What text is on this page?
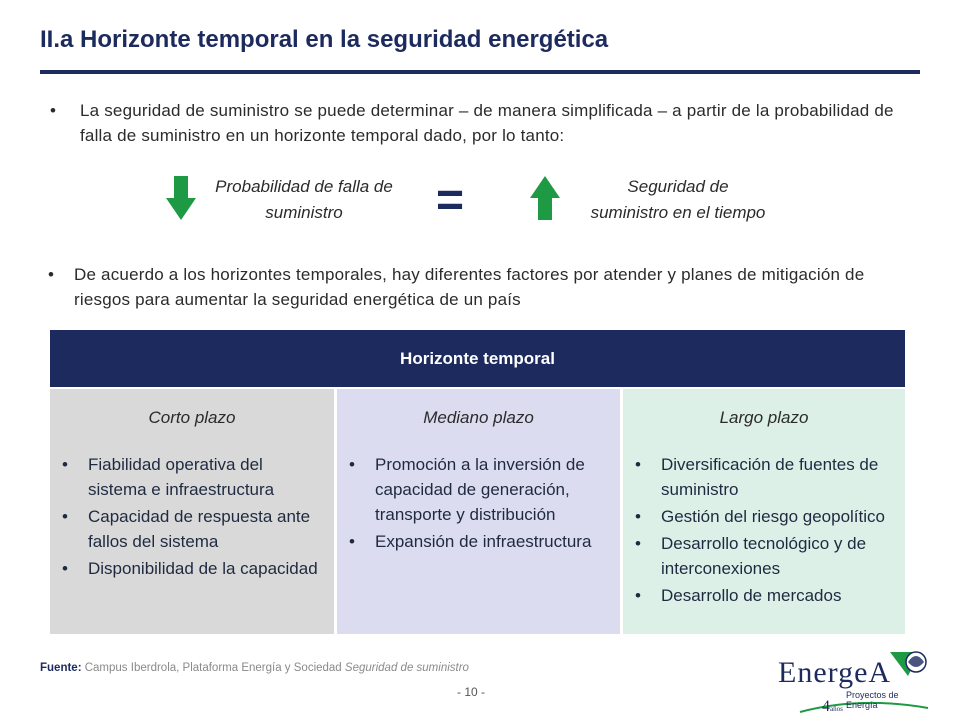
II.a Horizonte temporal en la seguridad energética
• La seguridad de suministro se puede determinar – de manera simplificada – a partir de la probabilidad de falla de suministro en un horizonte temporal dado, por lo tanto:
Probabilidad de falla de suministro	=	Seguridad de suministro en el tiempo
• De acuerdo a los horizontes temporales, hay diferentes factores por atender y planes de mitigación de riesgos para aumentar la seguridad energética de un país
Horizonte temporal
Corto plazo
• Fiabilidad operativa del sistema e infraestructura
• Capacidad de respuesta ante fallos del sistema
• Disponibilidad de la capacidad
Mediano plazo
• Promoción a la inversión de capacidad de generación, transporte y distribución
• Expansión de infraestructura
Largo plazo
• Diversificación de fuentes de suministro
• Gestión del riesgo geopolítico
• Desarrollo tecnológico y de interconexiones
• Desarrollo de mercados
Fuente: Campus Iberdrola, Plataforma Energía y Sociedad Seguridad de suministro
- 10 -
EnergeA
Proyectos de Energía
4años
